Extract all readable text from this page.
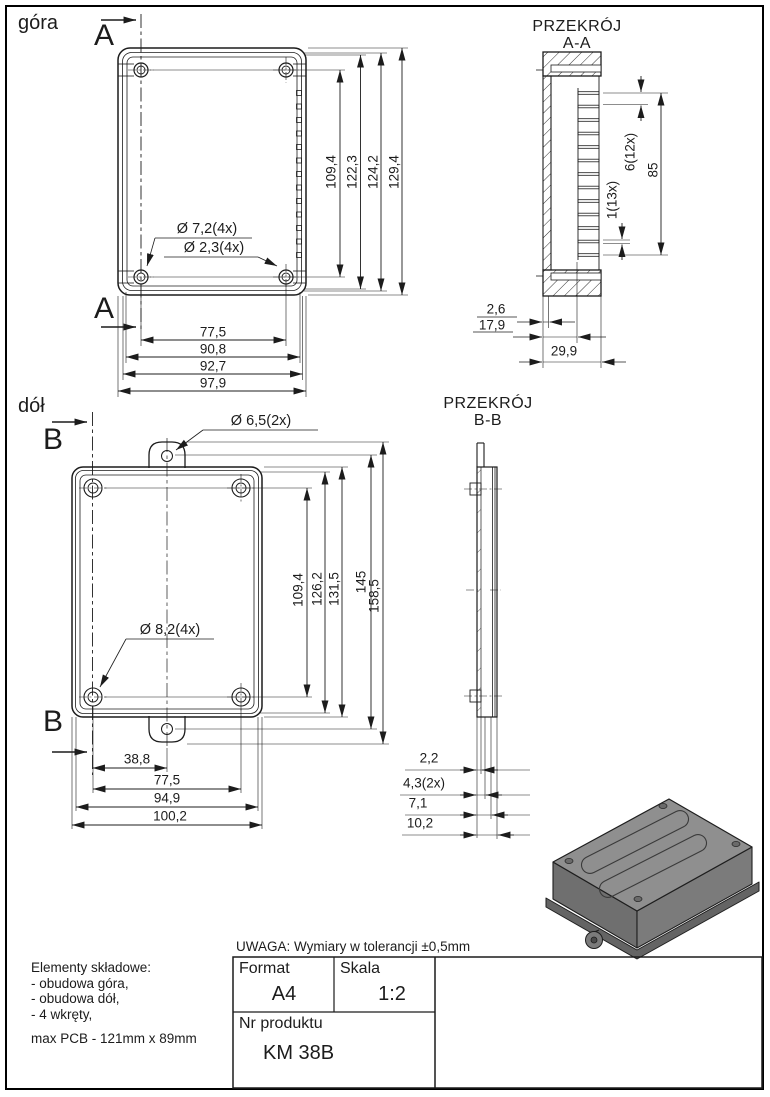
góra A
A
Ø 7,2(4x)
Ø 2,3(4x)
109,4 122,3 124,2 129,4
77,5
90,8
92,7
97,9
PRZEKRÓJ
A-A
6(12x) 85
1(13x)
2,6
17,9
29,9
dół
B
B
Ø 6,5(2x)
Ø 8,2(4x)
109,4 126,2 131,5 145
158,5
38,8
77,5
94,9
100,2
PRZEKRÓJ
B-B
2,2
4,3(2x)
7,1
10,2
UWAGA: Wymiary w tolerancji ±0,5mm
Elementy składowe:
- obudowa góra,
- obudowa dół,
- 4 wkręty,
max PCB - 121mm x 89mm
Format
A4
Skala
1:2
Nr produktu
KM 38B
